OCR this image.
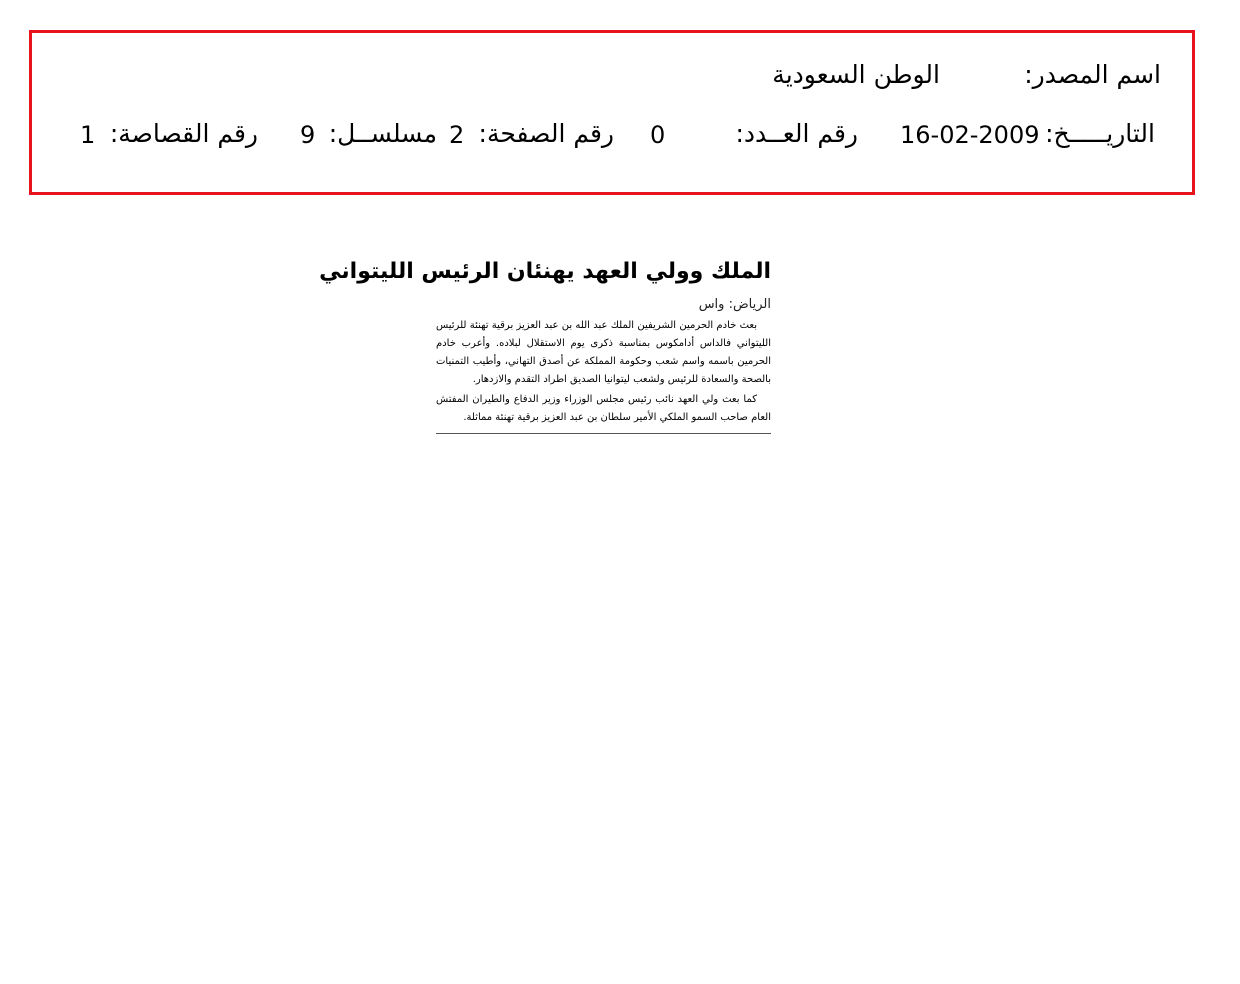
اسم المصدر:
الوطن السعودية
التاريـــــخ:
16-02-2009
رقم العــدد:
0
رقم الصفحة:
2
مسلســل:
9
رقم القصاصة:
1
الملك وولي العهد يهنئان الرئيس الليتواني
الرياض: واس

بعث خادم الحرمين الشريفين الملك عبد الله بن عبد العزيز برقية تهنئة للرئيس الليتواني فالداس أدامكوس بمناسبة ذكرى يوم الاستقلال لبلاده. وأعرب خادم الحرمين باسمه واسم شعب وحكومة المملكة عن أصدق التهاني، وأطيب التمنيات بالصحة والسعادة للرئيس ولشعب ليتوانيا الصديق اطراد التقدم والازدهار.

كما بعث ولي العهد نائب رئيس مجلس الوزراء وزير الدفاع والطيران المفتش العام صاحب السمو الملكي الأمير سلطان بن عبد العزيز برقية تهنئة مماثلة.
